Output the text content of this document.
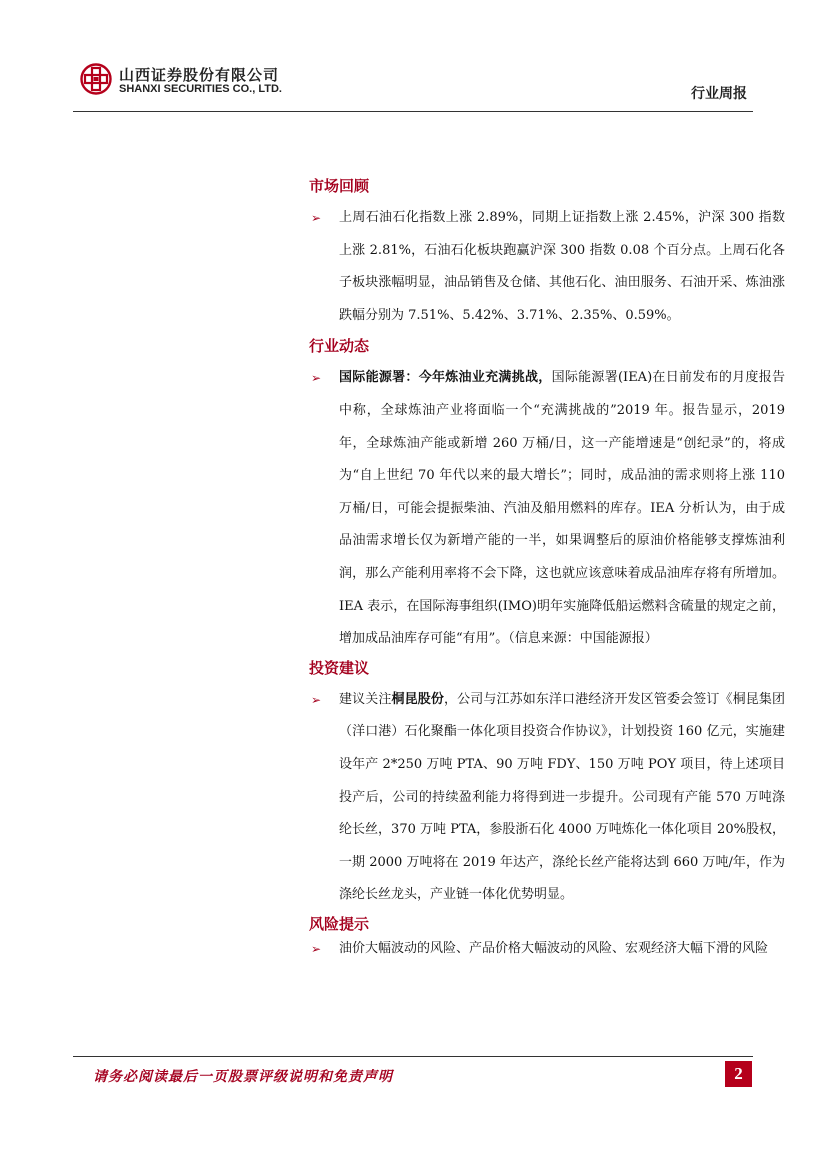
山西证券股份有限公司
SHANXI SECURITIES CO., LTD.	行业周报
市场回顾
➢ 上周石油石化指数上涨 2.89%，同期上证指数上涨 2.45%，沪深 300 指数上涨 2.81%，石油石化板块跑赢沪深 300 指数 0.08 个百分点。上周石化各子板块涨幅明显，油品销售及仓储、其他石化、油田服务、石油开采、炼油涨跌幅分别为 7.51%、5.42%、3.71%、2.35%、0.59%。
行业动态
➢ 国际能源署：今年炼油业充满挑战，国际能源署(IEA)在日前发布的月度报告中称，全球炼油产业将面临一个“充满挑战的”2019 年。报告显示，2019 年，全球炼油产能或新增 260 万桶/日，这一产能增速是“创纪录”的，将成为“自上世纪 70 年代以来的最大增长”；同时，成品油的需求则将上涨 110 万桶/日，可能会提振柴油、汽油及船用燃料的库存。IEA 分析认为，由于成品油需求增长仅为新增产能的一半，如果调整后的原油价格能够支撑炼油利润，那么产能利用率将不会下降，这也就应该意味着成品油库存将有所增加。IEA 表示，在国际海事组织(IMO)明年实施降低船运燃料含硫量的规定之前，增加成品油库存可能“有用”。（信息来源：中国能源报）
投资建议
➢ 建议关注桐昆股份，公司与江苏如东洋口港经济开发区管委会签订《桐昆集团（洋口港）石化聚酯一体化项目投资合作协议》，计划投资 160 亿元，实施建设年产 2*250 万吨 PTA、90 万吨 FDY、150 万吨 POY 项目，待上述项目投产后，公司的持续盈利能力将得到进一步提升。公司现有产能 570 万吨涤纶长丝，370 万吨 PTA，参股浙石化 4000 万吨炼化一体化项目 20%股权，一期 2000 万吨将在 2019 年达产，涤纶长丝产能将达到 660 万吨/年，作为涤纶长丝龙头，产业链一体化优势明显。
风险提示
➢ 油价大幅波动的风险、产品价格大幅波动的风险、宏观经济大幅下滑的风险
请务必阅读最后一页股票评级说明和免责声明	2
